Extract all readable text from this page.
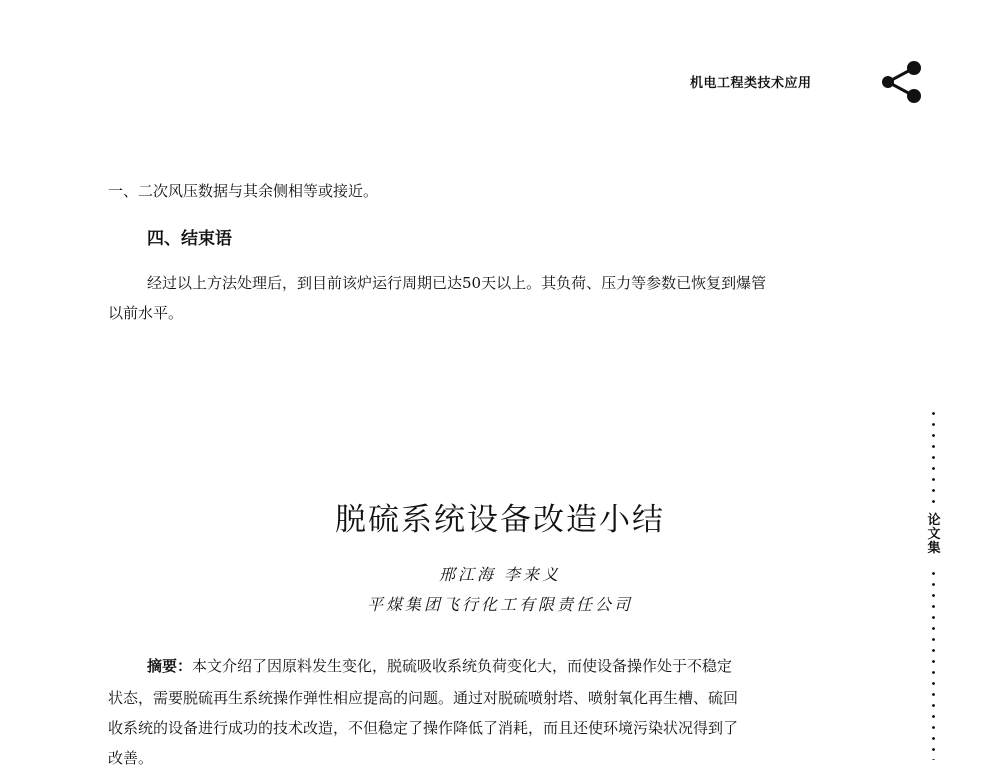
机电工程类技术应用
一、二次风压数据与其余侧相等或接近。
四、结束语
经过以上方法处理后，到目前该炉运行周期已达50天以上。其负荷、压力等参数已恢复到爆管
以前水平。
脱硫系统设备改造小结
邢江海 李来义
平煤集团飞行化工有限责任公司
摘要：本文介绍了因原料发生变化，脱硫吸收系统负荷变化大，而使设备操作处于不稳定
状态，需要脱硫再生系统操作弹性相应提高的问题。通过对脱硫喷射塔、喷射氧化再生槽、硫回
收系统的设备进行成功的技术改造，不但稳定了操作降低了消耗，而且还使环境污染状况得到了
改善。
论
文
集
